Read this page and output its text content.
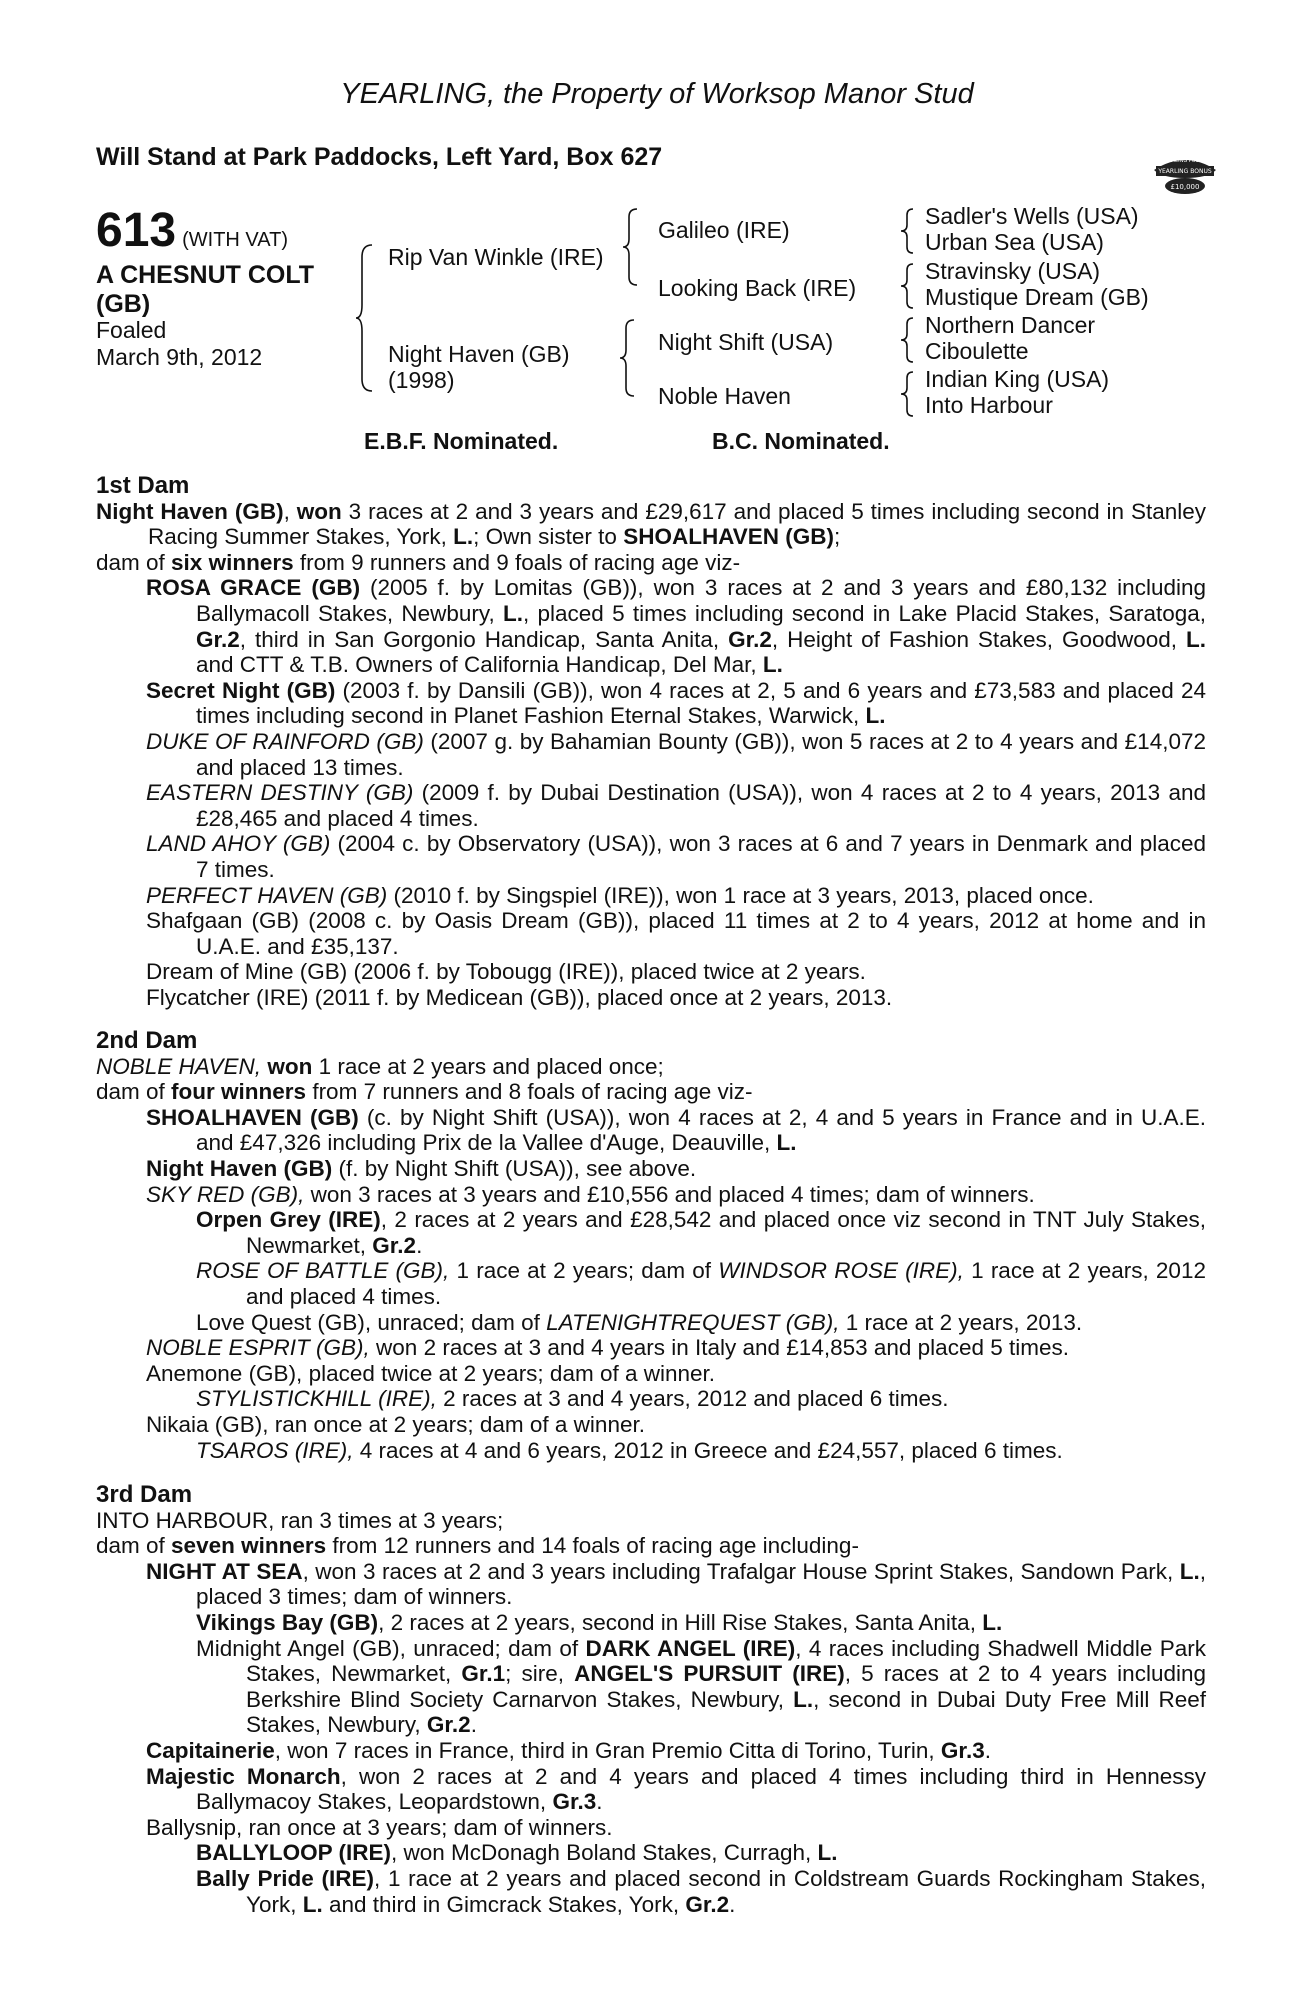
YEARLING, the Property of Worksop Manor Stud
Will Stand at Park Paddocks, Left Yard, Box 627	RACING POST
YEARLING BONUS
£10,000
613 (WITH VAT)
A CHESNUT COLT (GB)
Foaled
March 9th, 2012
Rip Van Winkle (IRE)
Night Haven (GB)
(1998)
Galileo (IRE)
Looking Back (IRE)
Night Shift (USA)
Noble Haven
Sadler's Wells (USA)
Urban Sea (USA)
Stravinsky (USA)
Mustique Dream (GB)
Northern Dancer
Ciboulette
Indian King (USA)
Into Harbour
E.B.F. Nominated.	B.C. Nominated.

1st Dam

Night Haven (GB), won 3 races at 2 and 3 years and £29,617 and placed 5 times including second in Stanley Racing Summer Stakes, York, L.; Own sister to SHOALHAVEN (GB);

dam of six winners from 9 runners and 9 foals of racing age viz-

ROSA GRACE (GB) (2005 f. by Lomitas (GB)), won 3 races at 2 and 3 years and £80,132 including Ballymacoll Stakes, Newbury, L., placed 5 times including second in Lake Placid Stakes, Saratoga, Gr.2, third in San Gorgonio Handicap, Santa Anita, Gr.2, Height of Fashion Stakes, Goodwood, L. and CTT & T.B. Owners of California Handicap, Del Mar, L.

Secret Night (GB) (2003 f. by Dansili (GB)), won 4 races at 2, 5 and 6 years and £73,583 and placed 24 times including second in Planet Fashion Eternal Stakes, Warwick, L.

DUKE OF RAINFORD (GB) (2007 g. by Bahamian Bounty (GB)), won 5 races at 2 to 4 years and £14,072 and placed 13 times.

EASTERN DESTINY (GB) (2009 f. by Dubai Destination (USA)), won 4 races at 2 to 4 years, 2013 and £28,465 and placed 4 times.

LAND AHOY (GB) (2004 c. by Observatory (USA)), won 3 races at 6 and 7 years in Denmark and placed 7 times.

PERFECT HAVEN (GB) (2010 f. by Singspiel (IRE)), won 1 race at 3 years, 2013, placed once.

Shafgaan (GB) (2008 c. by Oasis Dream (GB)), placed 11 times at 2 to 4 years, 2012 at home and in U.A.E. and £35,137.

Dream of Mine (GB) (2006 f. by Tobougg (IRE)), placed twice at 2 years.

Flycatcher (IRE) (2011 f. by Medicean (GB)), placed once at 2 years, 2013.

2nd Dam

NOBLE HAVEN, won 1 race at 2 years and placed once;

dam of four winners from 7 runners and 8 foals of racing age viz-

SHOALHAVEN (GB) (c. by Night Shift (USA)), won 4 races at 2, 4 and 5 years in France and in U.A.E. and £47,326 including Prix de la Vallee d'Auge, Deauville, L.

Night Haven (GB) (f. by Night Shift (USA)), see above.

SKY RED (GB), won 3 races at 3 years and £10,556 and placed 4 times; dam of winners.

Orpen Grey (IRE), 2 races at 2 years and £28,542 and placed once viz second in TNT July Stakes, Newmarket, Gr.2.

ROSE OF BATTLE (GB), 1 race at 2 years; dam of WINDSOR ROSE (IRE), 1 race at 2 years, 2012 and placed 4 times.

Love Quest (GB), unraced; dam of LATENIGHTREQUEST (GB), 1 race at 2 years, 2013.

NOBLE ESPRIT (GB), won 2 races at 3 and 4 years in Italy and £14,853 and placed 5 times.

Anemone (GB), placed twice at 2 years; dam of a winner.

STYLISTICKHILL (IRE), 2 races at 3 and 4 years, 2012 and placed 6 times.

Nikaia (GB), ran once at 2 years; dam of a winner.

TSAROS (IRE), 4 races at 4 and 6 years, 2012 in Greece and £24,557, placed 6 times.

3rd Dam

INTO HARBOUR, ran 3 times at 3 years;

dam of seven winners from 12 runners and 14 foals of racing age including-

NIGHT AT SEA, won 3 races at 2 and 3 years including Trafalgar House Sprint Stakes, Sandown Park, L., placed 3 times; dam of winners.

Vikings Bay (GB), 2 races at 2 years, second in Hill Rise Stakes, Santa Anita, L.

Midnight Angel (GB), unraced; dam of DARK ANGEL (IRE), 4 races including Shadwell Middle Park Stakes, Newmarket, Gr.1; sire, ANGEL'S PURSUIT (IRE), 5 races at 2 to 4 years including Berkshire Blind Society Carnarvon Stakes, Newbury, L., second in Dubai Duty Free Mill Reef Stakes, Newbury, Gr.2.

Capitainerie, won 7 races in France, third in Gran Premio Citta di Torino, Turin, Gr.3.

Majestic Monarch, won 2 races at 2 and 4 years and placed 4 times including third in Hennessy Ballymacoy Stakes, Leopardstown, Gr.3.

Ballysnip, ran once at 3 years; dam of winners.

BALLYLOOP (IRE), won McDonagh Boland Stakes, Curragh, L.

Bally Pride (IRE), 1 race at 2 years and placed second in Coldstream Guards Rockingham Stakes, York, L. and third in Gimcrack Stakes, York, Gr.2.
